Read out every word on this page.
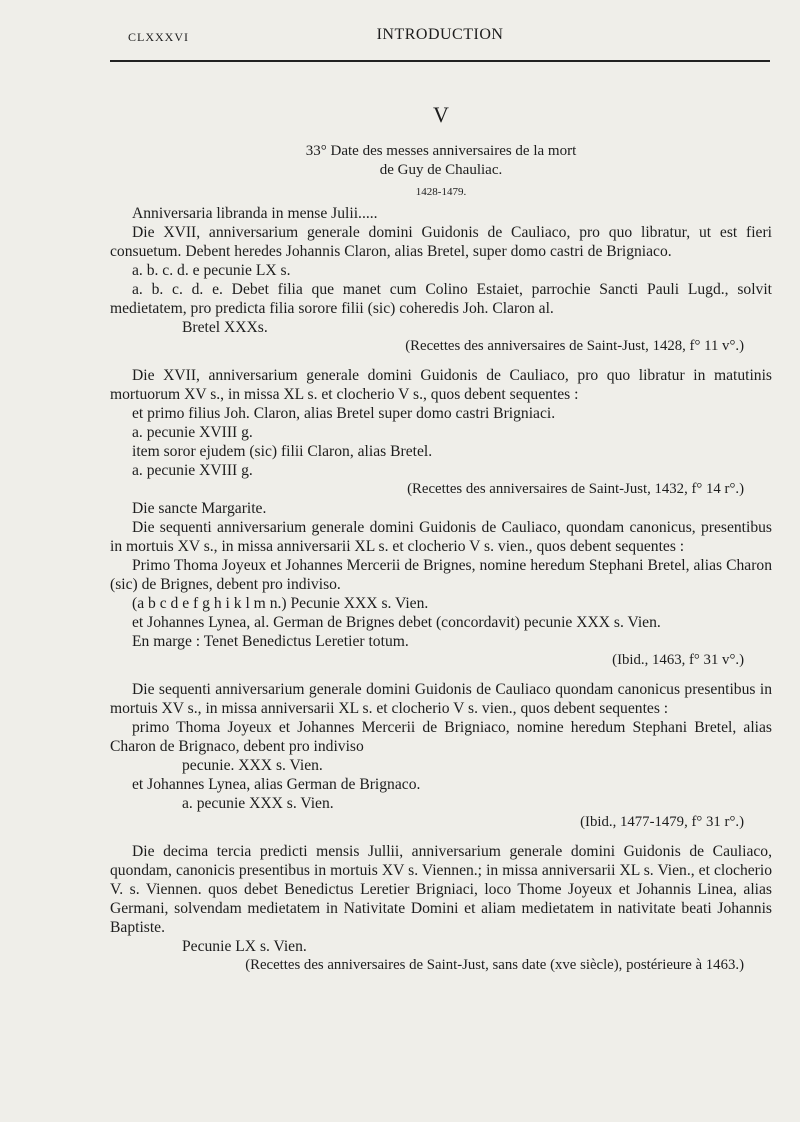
CLXXXVI	INTRODUCTION
V
33° Date des messes anniversaires de la mort
de Guy de Chauliac.
1428-1479.

Anniversaria libranda in mense Julii.....

Die XVII, anniversarium generale domini Guidonis de Cauliaco, pro quo libratur, ut est fieri consuetum. Debent heredes Johannis Claron, alias Bretel, super domo castri de Brigniaco.

a. b. c. d. e pecunie LX s.

a. b. c. d. e. Debet filia que manet cum Colino Estaiet, parrochie Sancti Pauli Lugd., solvit medietatem, pro predicta filia sorore filii (sic) coheredis Joh. Claron al.

Bretel XXXs.

(Recettes des anniversaires de Saint-Just, 1428, f° 11 v°.)

Die XVII, anniversarium generale domini Guidonis de Cauliaco, pro quo libratur in matutinis mortuorum XV s., in missa XL s. et clocherio V s., quos debent sequentes :

et primo filius Joh. Claron, alias Bretel super domo castri Brigniaci.

a. pecunie XVIII g.

item soror ejudem (sic) filii Claron, alias Bretel.

a. pecunie XVIII g.

(Recettes des anniversaires de Saint-Just, 1432, f° 14 r°.)

Die sancte Margarite.

Die sequenti anniversarium generale domini Guidonis de Cauliaco, quondam canonicus, presentibus in mortuis XV s., in missa anniversarii XL s. et clocherio V s. vien., quos debent sequentes :

Primo Thoma Joyeux et Johannes Mercerii de Brignes, nomine heredum Stephani Bretel, alias Charon (sic) de Brignes, debent pro indiviso.

(a b c d e f g h i k l m n.) Pecunie XXX s. Vien.

et Johannes Lynea, al. German de Brignes debet (concordavit) pecunie XXX s. Vien.

En marge : Tenet Benedictus Leretier totum.

(Ibid., 1463, f° 31 v°.)

Die sequenti anniversarium generale domini Guidonis de Cauliaco quondam canonicus presentibus in mortuis XV s., in missa anniversarii XL s. et clocherio V s. vien., quos debent sequentes :

primo Thoma Joyeux et Johannes Mercerii de Brigniaco, nomine heredum Stephani Bretel, alias Charon de Brignaco, debent pro indiviso

pecunie. XXX s. Vien.

et Johannes Lynea, alias German de Brignaco.

a. pecunie XXX s. Vien.

(Ibid., 1477-1479, f° 31 r°.)

Die decima tercia predicti mensis Jullii, anniversarium generale domini Guidonis de Cauliaco, quondam, canonicis presentibus in mortuis XV s. Viennen.; in missa anniversarii XL s. Vien., et clocherio V. s. Viennen. quos debet Benedictus Leretier Brigniaci, loco Thome Joyeux et Johannis Linea, alias Germani, solvendam medietatem in Nativitate Domini et aliam medietatem in nativitate beati Johannis Baptiste.

Pecunie LX s. Vien.

(Recettes des anniversaires de Saint-Just, sans date (xve siècle), postérieure à 1463.)
